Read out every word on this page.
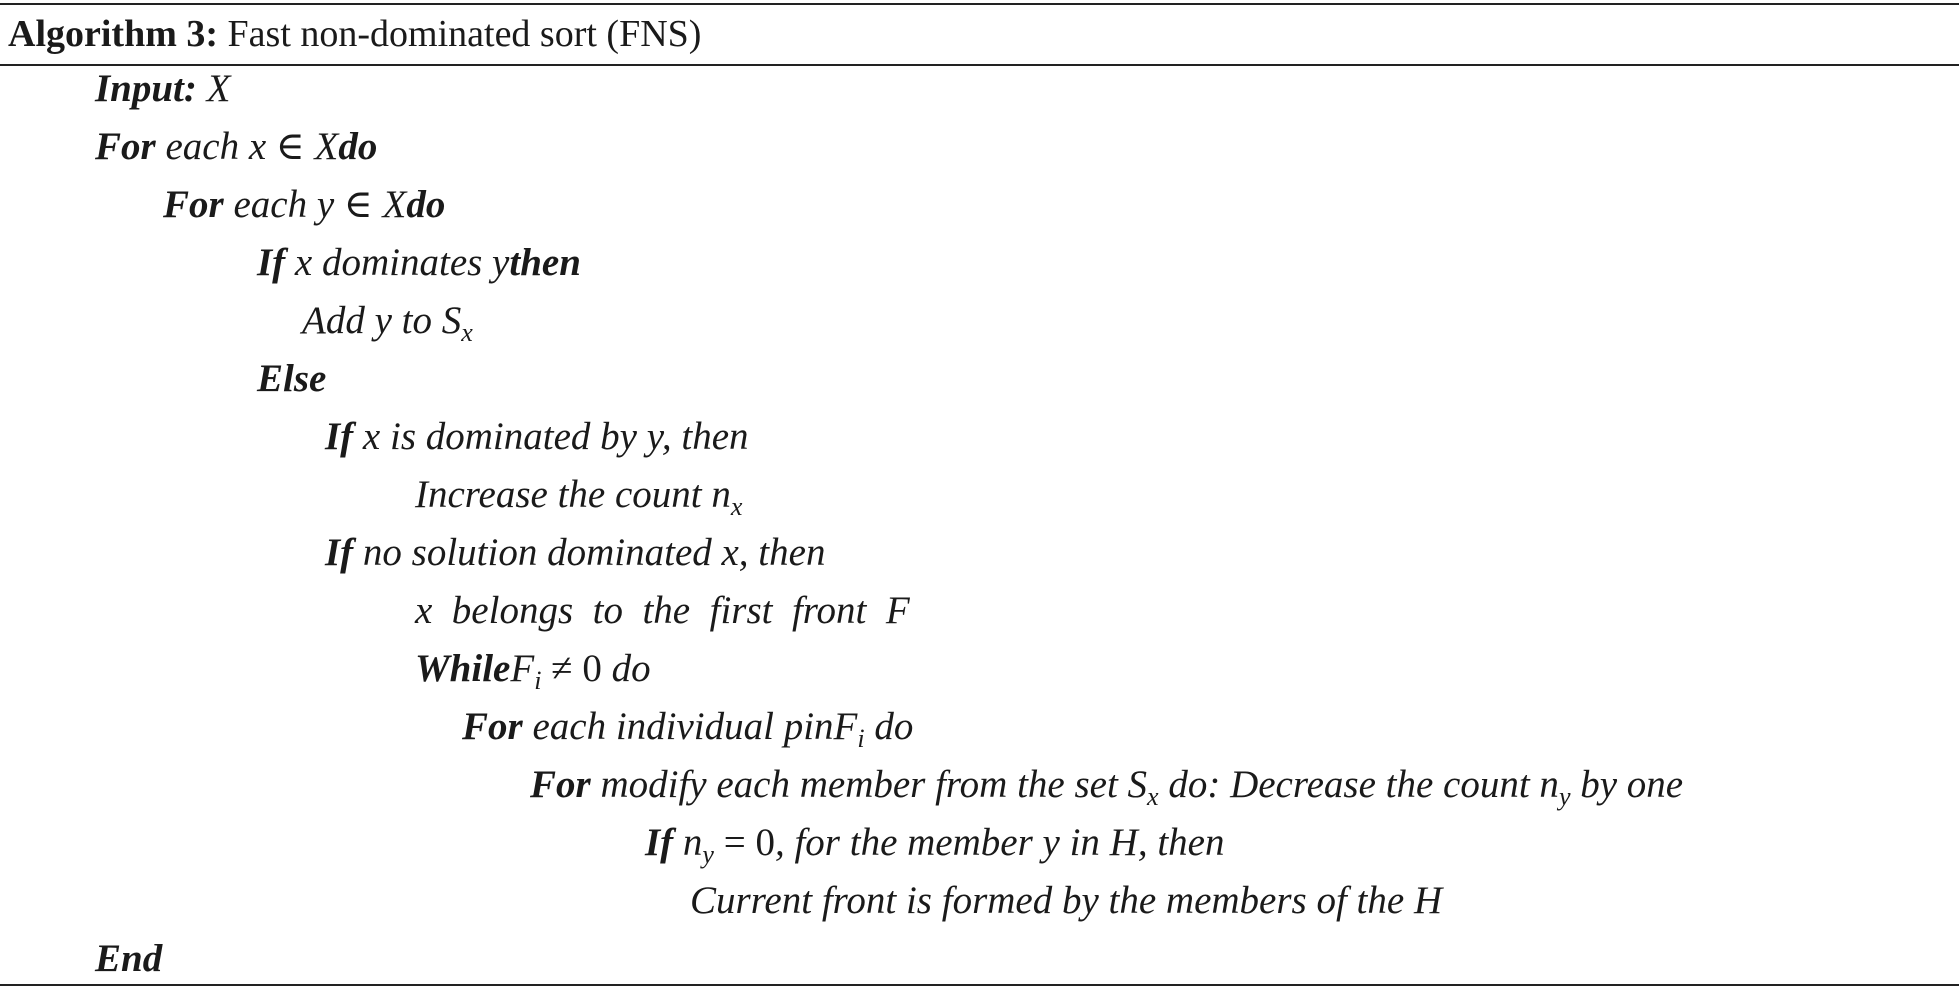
Algorithm 3: Fast non-dominated sort (FNS)
Input: X
For each x ∈ Xdo
For each y ∈ Xdo
If x dominates ythen
Add y to $S_x$
Else
If x is dominated by y, then
Increase the count $n_x$
If no solution dominated x, then
x  belongs  to  the  first  front  F
WhileF$_i$ ≠ 0 do
For each individual pinF$_i$ do
For modify each member from the set $S_x$ do: Decrease the count $n_y$ by one
If $n_y = 0$, for the member y in H, then
Current front is formed by the members of the H
End
